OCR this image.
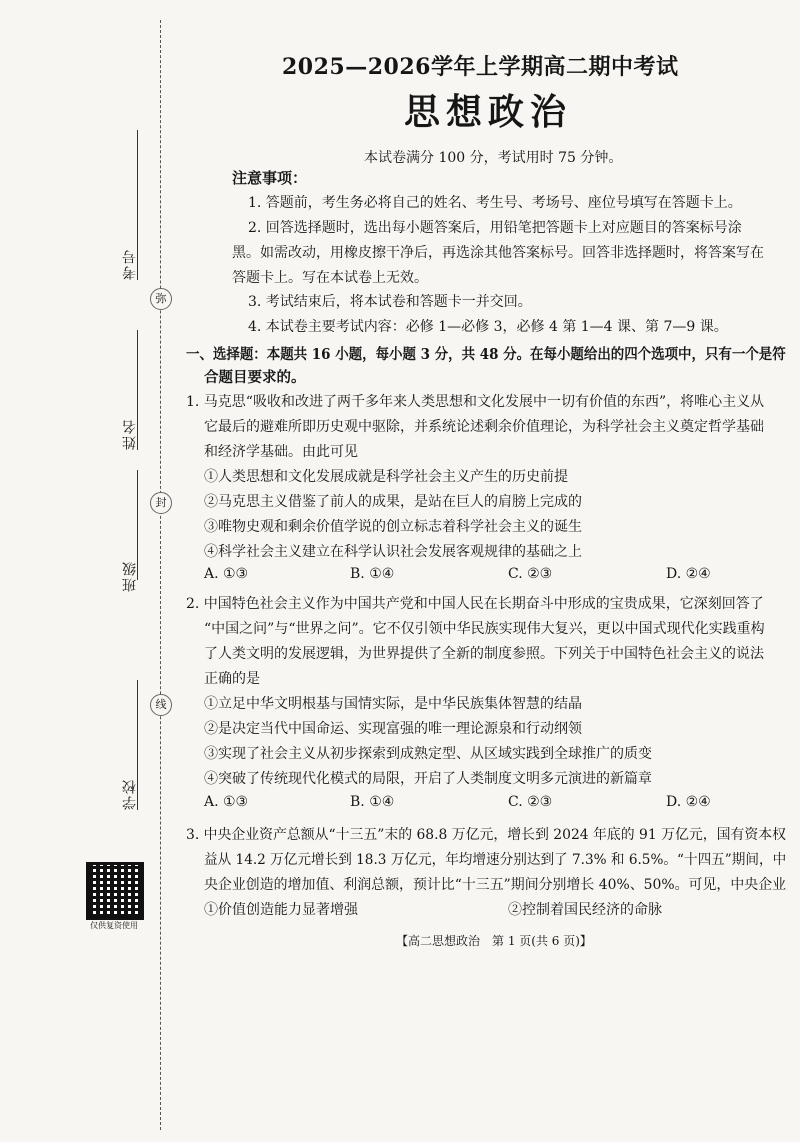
弥
封
线
考号
姓名
班级
学校
仅供复资使用
2025—2026学年上学期高二期中考试
思想政治
本试卷满分 100 分，考试用时 75 分钟。
注意事项：
1. 答题前，考生务必将自己的姓名、考生号、考场号、座位号填写在答题卡上。
2. 回答选择题时，选出每小题答案后，用铅笔把答题卡上对应题目的答案标号涂
黑。如需改动，用橡皮擦干净后，再选涂其他答案标号。回答非选择题时，将答案写在
答题卡上。写在本试卷上无效。
3. 考试结束后，将本试卷和答题卡一并交回。
4. 本试卷主要考试内容：必修 1—必修 3，必修 4 第 1—4 课、第 7—9 课。
一、选择题：本题共 16 小题，每小题 3 分，共 48 分。在每小题给出的四个选项中，只有一个是符
合题目要求的。
1. 马克思“吸收和改进了两千多年来人类思想和文化发展中一切有价值的东西”，将唯心主义从
它最后的避难所即历史观中驱除，并系统论述剩余价值理论，为科学社会主义奠定哲学基础
和经济学基础。由此可见
①人类思想和文化发展成就是科学社会主义产生的历史前提
②马克思主义借鉴了前人的成果，是站在巨人的肩膀上完成的
③唯物史观和剩余价值学说的创立标志着科学社会主义的诞生
④科学社会主义建立在科学认识社会发展客观规律的基础之上
A. ①③	B. ①④	C. ②③	D. ②④
2. 中国特色社会主义作为中国共产党和中国人民在长期奋斗中形成的宝贵成果，它深刻回答了
“中国之问”与“世界之问”。它不仅引领中华民族实现伟大复兴，更以中国式现代化实践重构
了人类文明的发展逻辑，为世界提供了全新的制度参照。下列关于中国特色社会主义的说法
正确的是
①立足中华文明根基与国情实际，是中华民族集体智慧的结晶
②是决定当代中国命运、实现富强的唯一理论源泉和行动纲领
③实现了社会主义从初步探索到成熟定型、从区域实践到全球推广的质变
④突破了传统现代化模式的局限，开启了人类制度文明多元演进的新篇章
A. ①③	B. ①④	C. ②③	D. ②④
3. 中央企业资产总额从“十三五”末的 68.8 万亿元，增长到 2024 年底的 91 万亿元，国有资本权
益从 14.2 万亿元增长到 18.3 万亿元，年均增速分别达到了 7.3% 和 6.5%。“十四五”期间，中
央企业创造的增加值、利润总额，预计比“十三五”期间分别增长 40%、50%。可见，中央企业
①价值创造能力显著增强	②控制着国民经济的命脉
【高二思想政治　第 1 页(共 6 页)】
